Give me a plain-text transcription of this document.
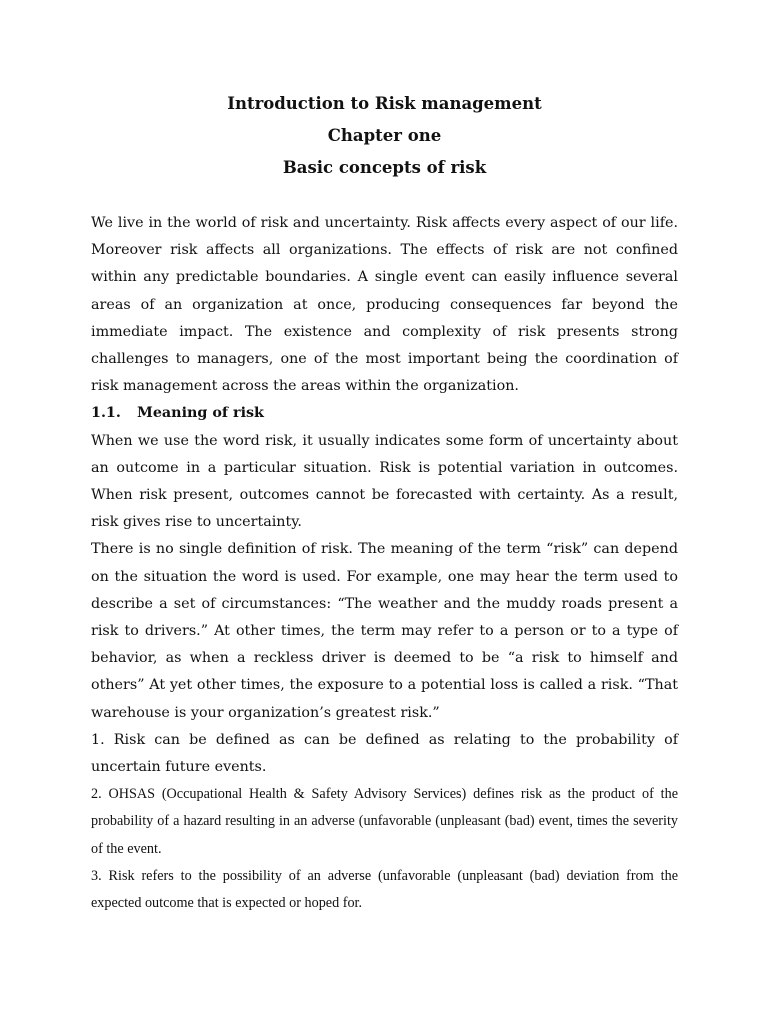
Introduction to Risk management
Chapter one
Basic concepts of risk

We live in the world of risk and uncertainty. Risk affects every aspect of our life. Moreover risk affects all organizations. The effects of risk are not confined within any predictable boundaries. A single event can easily influence several areas of an organization at once, producing consequences far beyond the immediate impact. The existence and complexity of risk presents strong challenges to managers, one of the most important being the coordination of risk management across the areas within the organization.

1.1. Meaning of risk

When we use the word risk, it usually indicates some form of uncertainty about an outcome in a particular situation. Risk is potential variation in outcomes. When risk present, outcomes cannot be forecasted with certainty. As a result, risk gives rise to uncertainty.

There is no single definition of risk. The meaning of the term “risk” can depend on the situation the word is used. For example, one may hear the term used to describe a set of circumstances: “The weather and the muddy roads present a risk to drivers.” At other times, the term may refer to a person or to a type of behavior, as when a reckless driver is deemed to be “a risk to himself and others” At yet other times, the exposure to a potential loss is called a risk. “That warehouse is your organization’s greatest risk.”

1. Risk can be defined as can be defined as relating to the probability of uncertain future events.

2. OHSAS (Occupational Health & Safety Advisory Services) defines risk as the product of the probability of a hazard resulting in an adverse (unfavorable (unpleasant (bad) event, times the severity of the event.

3. Risk refers to the possibility of an adverse (unfavorable (unpleasant (bad) deviation from the expected outcome that is expected or hoped for.
